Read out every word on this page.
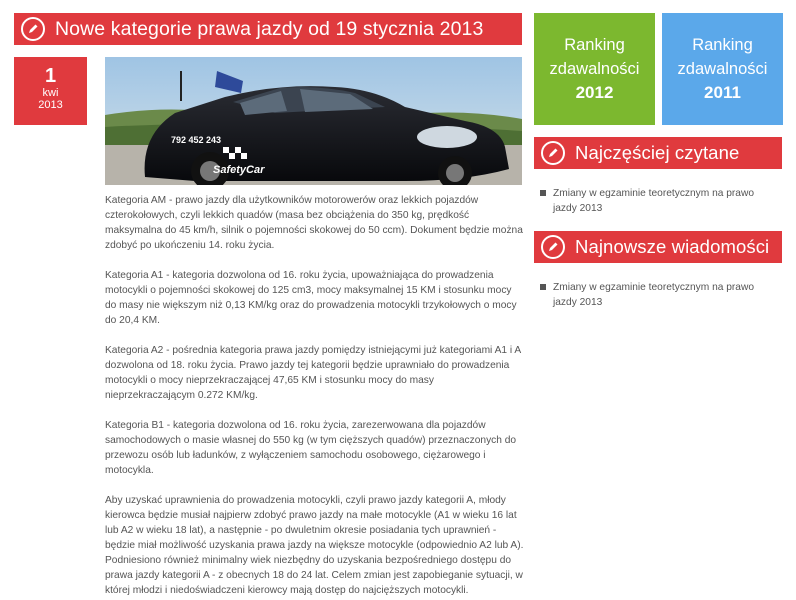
Nowe kategorie prawa jazdy od 19 stycznia 2013
1
kwi
2013
792 452 243
SafetyCar

Kategoria AM - prawo jazdy dla użytkowników motorowerów oraz lekkich pojazdów czterokołowych, czyli lekkich quadów (masa bez obciążenia do 350 kg, prędkość maksymalna do 45 km/h, silnik o pojemności skokowej do 50 ccm). Dokument będzie można zdobyć po ukończeniu 14. roku życia.

Kategoria A1 - kategoria dozwolona od 16. roku życia, upoważniająca do prowadzenia motocykli o pojemności skokowej do 125 cm3, mocy maksymalnej 15 KM i stosunku mocy do masy nie większym niż 0,13 KM/kg oraz do prowadzenia motocykli trzykołowych o mocy do 20,4 KM.

Kategoria A2 - pośrednia kategoria prawa jazdy pomiędzy istniejącymi już kategoriami A1 i A dozwolona od 18. roku życia. Prawo jazdy tej kategorii będzie uprawniało do prowadzenia motocykli o mocy nieprzekraczającej 47,65 KM i stosunku mocy do masy nieprzekraczającym 0.272 KM/kg.

Kategoria B1 - kategoria dozwolona od 16. roku życia, zarezerwowana dla pojazdów samochodowych o masie własnej do 550 kg (w tym cięższych quadów) przeznaczonych do przewozu osób lub ładunków, z wyłączeniem samochodu osobowego, ciężarowego i motocykla.

Aby uzyskać uprawnienia do prowadzenia motocykli, czyli prawo jazdy kategorii A, młody kierowca będzie musiał najpierw zdobyć prawo jazdy na małe motocykle (A1 w wieku 16 lat lub A2 w wieku 18 lat), a następnie - po dwuletnim okresie posiadania tych uprawnień - będzie miał możliwość uzyskania prawa jazdy na większe motocykle (odpowiednio A2 lub A). Podniesiono również minimalny wiek niezbędny do uzyskania bezpośredniego dostępu do prawa jazdy kategorii A - z obecnych 18 do 24 lat. Celem zmian jest zapobieganie sytuacji, w której młodzi i niedoświadczeni kierowcy mają dostęp do najcięższych motocykli.

Ranking
zdawalności
2012
Ranking
zdawalności
2011
Najczęściej czytane
Zmiany w egzaminie teoretycznym na prawo jazdy 2013
Najnowsze wiadomości
Zmiany w egzaminie teoretycznym na prawo jazdy 2013
